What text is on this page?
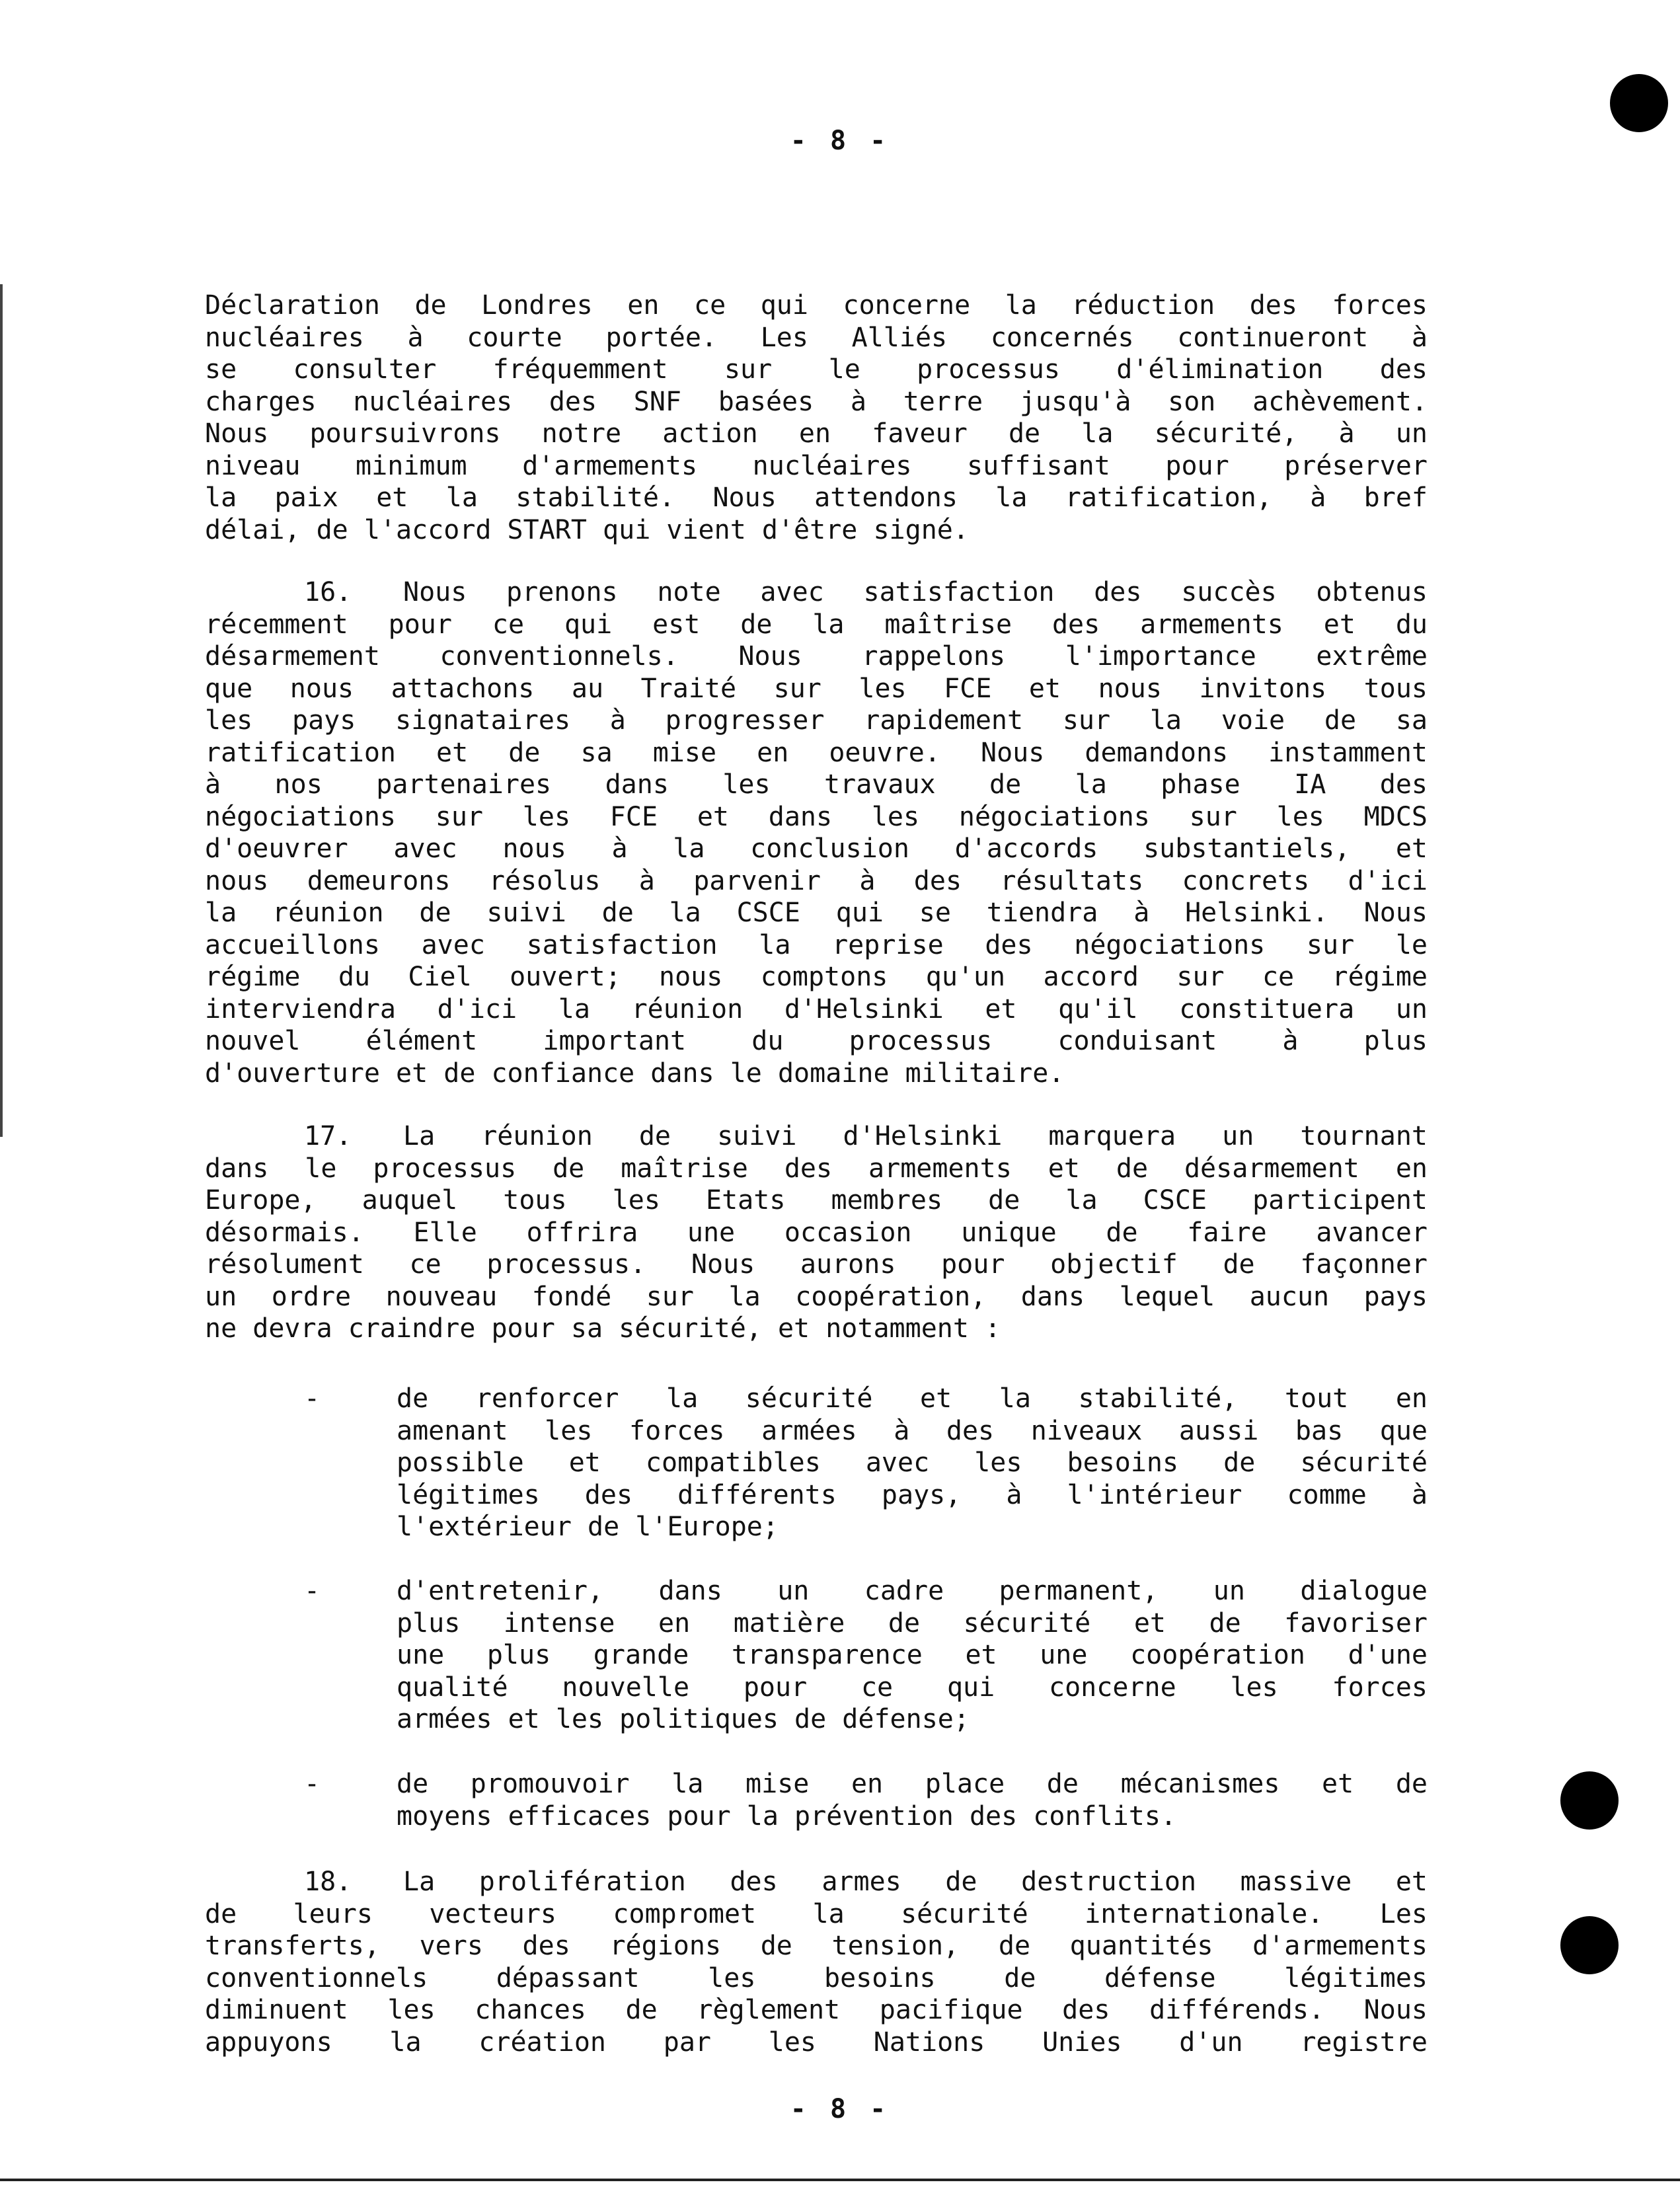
- 8 -
Déclaration de Londres en ce qui concerne la réduction des forces
nucléaires à courte portée. Les Alliés concernés continueront à
se consulter fréquemment sur le processus d'élimination des
charges nucléaires des SNF basées à terre jusqu'à son achèvement.
Nous poursuivrons notre action en faveur de la sécurité, à un
niveau minimum d'armements nucléaires suffisant pour préserver
la paix et la stabilité. Nous attendons la ratification, à bref
délai, de l'accord START qui vient d'être signé.
16. Nous prenons note avec satisfaction des succès obtenus
récemment pour ce qui est de la maîtrise des armements et du
désarmement conventionnels. Nous rappelons l'importance extrême
que nous attachons au Traité sur les FCE et nous invitons tous
les pays signataires à progresser rapidement sur la voie de sa
ratification et de sa mise en oeuvre. Nous demandons instamment
à nos partenaires dans les travaux de la phase IA des
négociations sur les FCE et dans les négociations sur les MDCS
d'oeuvrer avec nous à la conclusion d'accords substantiels, et
nous demeurons résolus à parvenir à des résultats concrets d'ici
la réunion de suivi de la CSCE qui se tiendra à Helsinki. Nous
accueillons avec satisfaction la reprise des négociations sur le
régime du Ciel ouvert; nous comptons qu'un accord sur ce régime
interviendra d'ici la réunion d'Helsinki et qu'il constituera un
nouvel élément important du processus conduisant à plus
d'ouverture et de confiance dans le domaine militaire.
17. La réunion de suivi d'Helsinki marquera un tournant
dans le processus de maîtrise des armements et de désarmement en
Europe, auquel tous les Etats membres de la CSCE participent
désormais. Elle offrira une occasion unique de faire avancer
résolument ce processus. Nous aurons pour objectif de façonner
un ordre nouveau fondé sur la coopération, dans lequel aucun pays
ne devra craindre pour sa sécurité, et notamment :
-	de renforcer la sécurité et la stabilité, tout en
amenant les forces armées à des niveaux aussi bas que
possible et compatibles avec les besoins de sécurité
légitimes des différents pays, à l'intérieur comme à
l'extérieur de l'Europe;
-	d'entretenir, dans un cadre permanent, un dialogue
plus intense en matière de sécurité et de favoriser
une plus grande transparence et une coopération d'une
qualité nouvelle pour ce qui concerne les forces
armées et les politiques de défense;
-	de promouvoir la mise en place de mécanismes et de
moyens efficaces pour la prévention des conflits.
18. La prolifération des armes de destruction massive et
de leurs vecteurs compromet la sécurité internationale. Les
transferts, vers des régions de tension, de quantités d'armements
conventionnels dépassant les besoins de défense légitimes
diminuent les chances de règlement pacifique des différends. Nous
appuyons la création par les Nations Unies d'un registre
- 8 -
